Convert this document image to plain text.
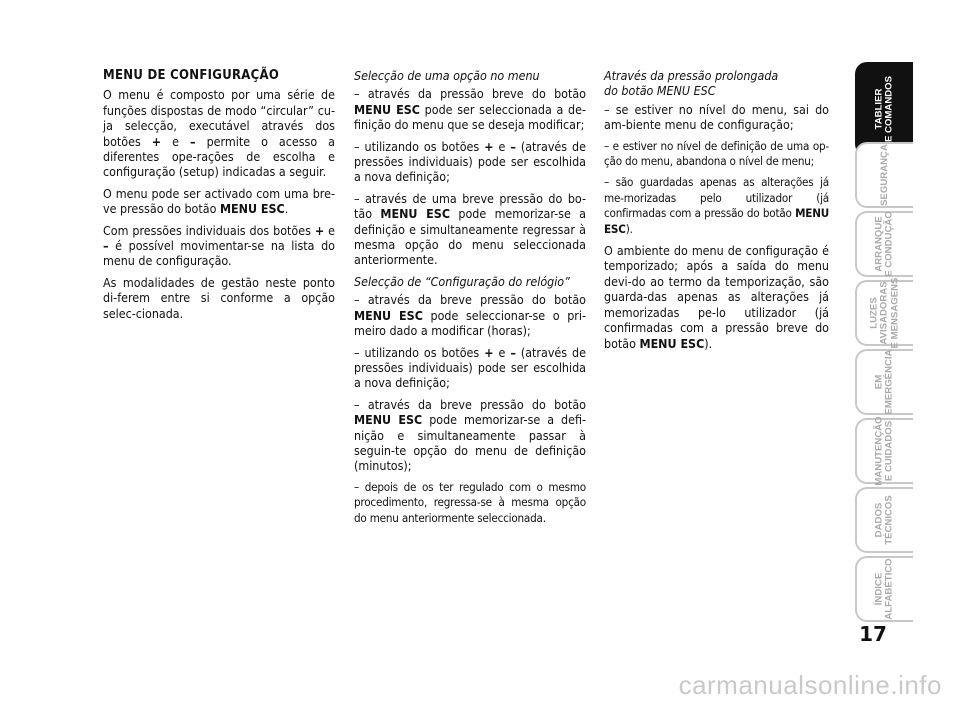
MENU DE CONFIGURAÇÃO

O menu é composto por uma série de funções dispostas de modo “circular” cu-ja selecção, executável através dos botões + e – permite o acesso a diferentes ope-rações de escolha e configuração (setup) indicadas a seguir.

O menu pode ser activado com uma bre-ve pressão do botão MENU ESC.

Com pressões individuais dos botões + e – é possível movimentar-se na lista do menu de configuração.

As modalidades de gestão neste ponto di-ferem entre si conforme a opção selec-cionada.

Selecção de uma opção no menu

– através da pressão breve do botão MENU ESC pode ser seleccionada a de-finição do menu que se deseja modificar;

– utilizando os botões + e – (através de pressões individuais) pode ser escolhida a nova definição;

– através de uma breve pressão do bo-tão MENU ESC pode memorizar-se a definição e simultaneamente regressar à mesma opção do menu seleccionada anteriormente.

Selecção de “Configuração do relógio”

– através da breve pressão do botão MENU ESC pode seleccionar-se o pri-meiro dado a modificar (horas);

– utilizando os botões + e – (através de pressões individuais) pode ser escolhida a nova definição;

– através da breve pressão do botão MENU ESC pode memorizar-se a defi-nição e simultaneamente passar à seguin-te opção do menu de definição (minutos);

– depois de os ter regulado com o mesmo procedimento, regressa-se à mesma opção do menu anteriormente seleccionada.

Através da pressão prolongada

do botão MENU ESC

– se estiver no nível do menu, sai do am-biente menu de configuração;

– e estiver no nível de definição de uma op-ção do menu, abandona o nível de menu;

– são guardadas apenas as alterações já me-morizadas pelo utilizador (já confirmadas com a pressão do botão MENU ESC).

O ambiente do menu de configuração é temporizado; após a saída do menu devi-do ao termo da temporização, são guarda-das apenas as alterações já memorizadas pe-lo utilizador (já confirmadas com a pressão breve do botão MENU ESC).

TABLIER
E COMANDOS
SEGURANÇA
ARRANQUE
E CONDUÇÃO
LUZES
AVISADORAS
E MENSAGENS
EM
EMERGÊNCIA
MANUTENÇÃO
E CUIDADOS
DADOS
TÉCNICOS
ÍNDICE
ALFABÉTICO
17
carmanualsonline.info
